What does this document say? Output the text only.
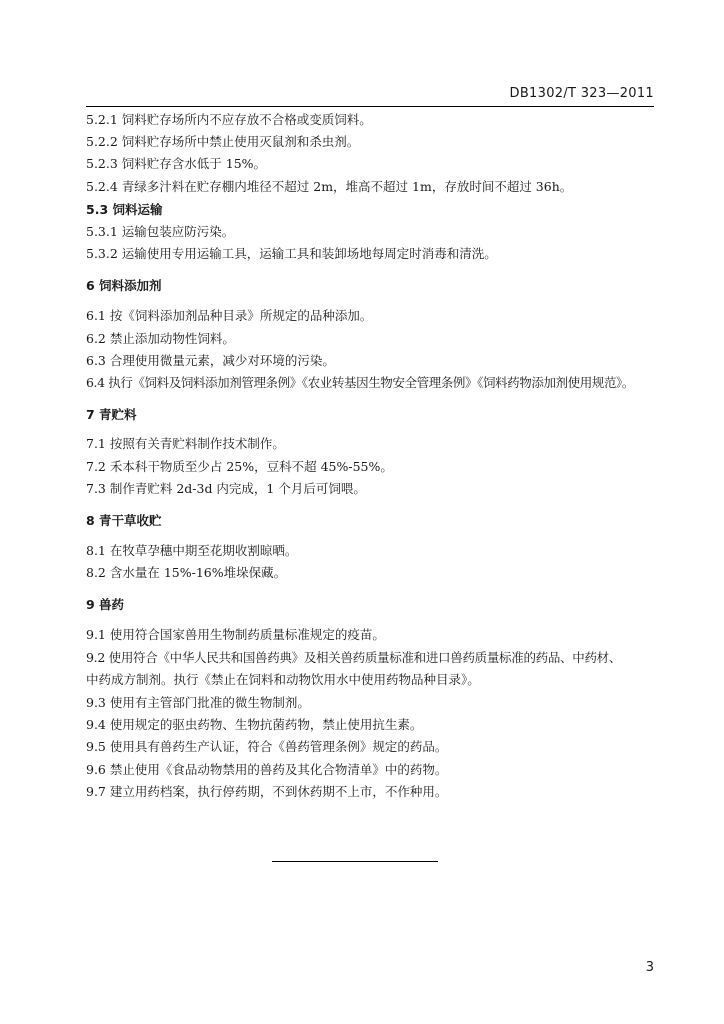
DB1302/T 323—2011
5.2.1 饲料贮存场所内不应存放不合格或变质饲料。
5.2.2 饲料贮存场所中禁止使用灭鼠剂和杀虫剂。
5.2.3 饲料贮存含水低于 15%。
5.2.4 青绿多汁料在贮存棚内堆径不超过 2m，堆高不超过 1m，存放时间不超过 36h。
5.3 饲料运输
5.3.1 运输包装应防污染。
5.3.2 运输使用专用运输工具，运输工具和装卸场地每周定时消毒和清洗。
6 饲料添加剂
6.1 按《饲料添加剂品种目录》所规定的品种添加。
6.2 禁止添加动物性饲料。
6.3 合理使用微量元素，减少对环境的污染。
6.4 执行《饲料及饲料添加剂管理条例》《农业转基因生物安全管理条例》《饲料药物添加剂使用规范》。
7 青贮料
7.1 按照有关青贮料制作技术制作。
7.2 禾本科干物质至少占 25%，豆科不超 45%-55%。
7.3 制作青贮料 2d-3d 内完成，1 个月后可饲喂。
8 青干草收贮
8.1 在牧草孕穗中期至花期收割晾晒。
8.2 含水量在 15%-16%堆垛保藏。
9 兽药
9.1 使用符合国家兽用生物制药质量标准规定的疫苗。
9.2 使用符合《中华人民共和国兽药典》及相关兽药质量标准和进口兽药质量标准的药品、中药材、
中药成方制剂。执行《禁止在饲料和动物饮用水中使用药物品种目录》。
9.3 使用有主管部门批准的微生物制剂。
9.4 使用规定的驱虫药物、生物抗菌药物，禁止使用抗生素。
9.5 使用具有兽药生产认证，符合《兽药管理条例》规定的药品。
9.6 禁止使用《食品动物禁用的兽药及其化合物清单》中的药物。
9.7 建立用药档案，执行停药期，不到休药期不上市，不作种用。
3
